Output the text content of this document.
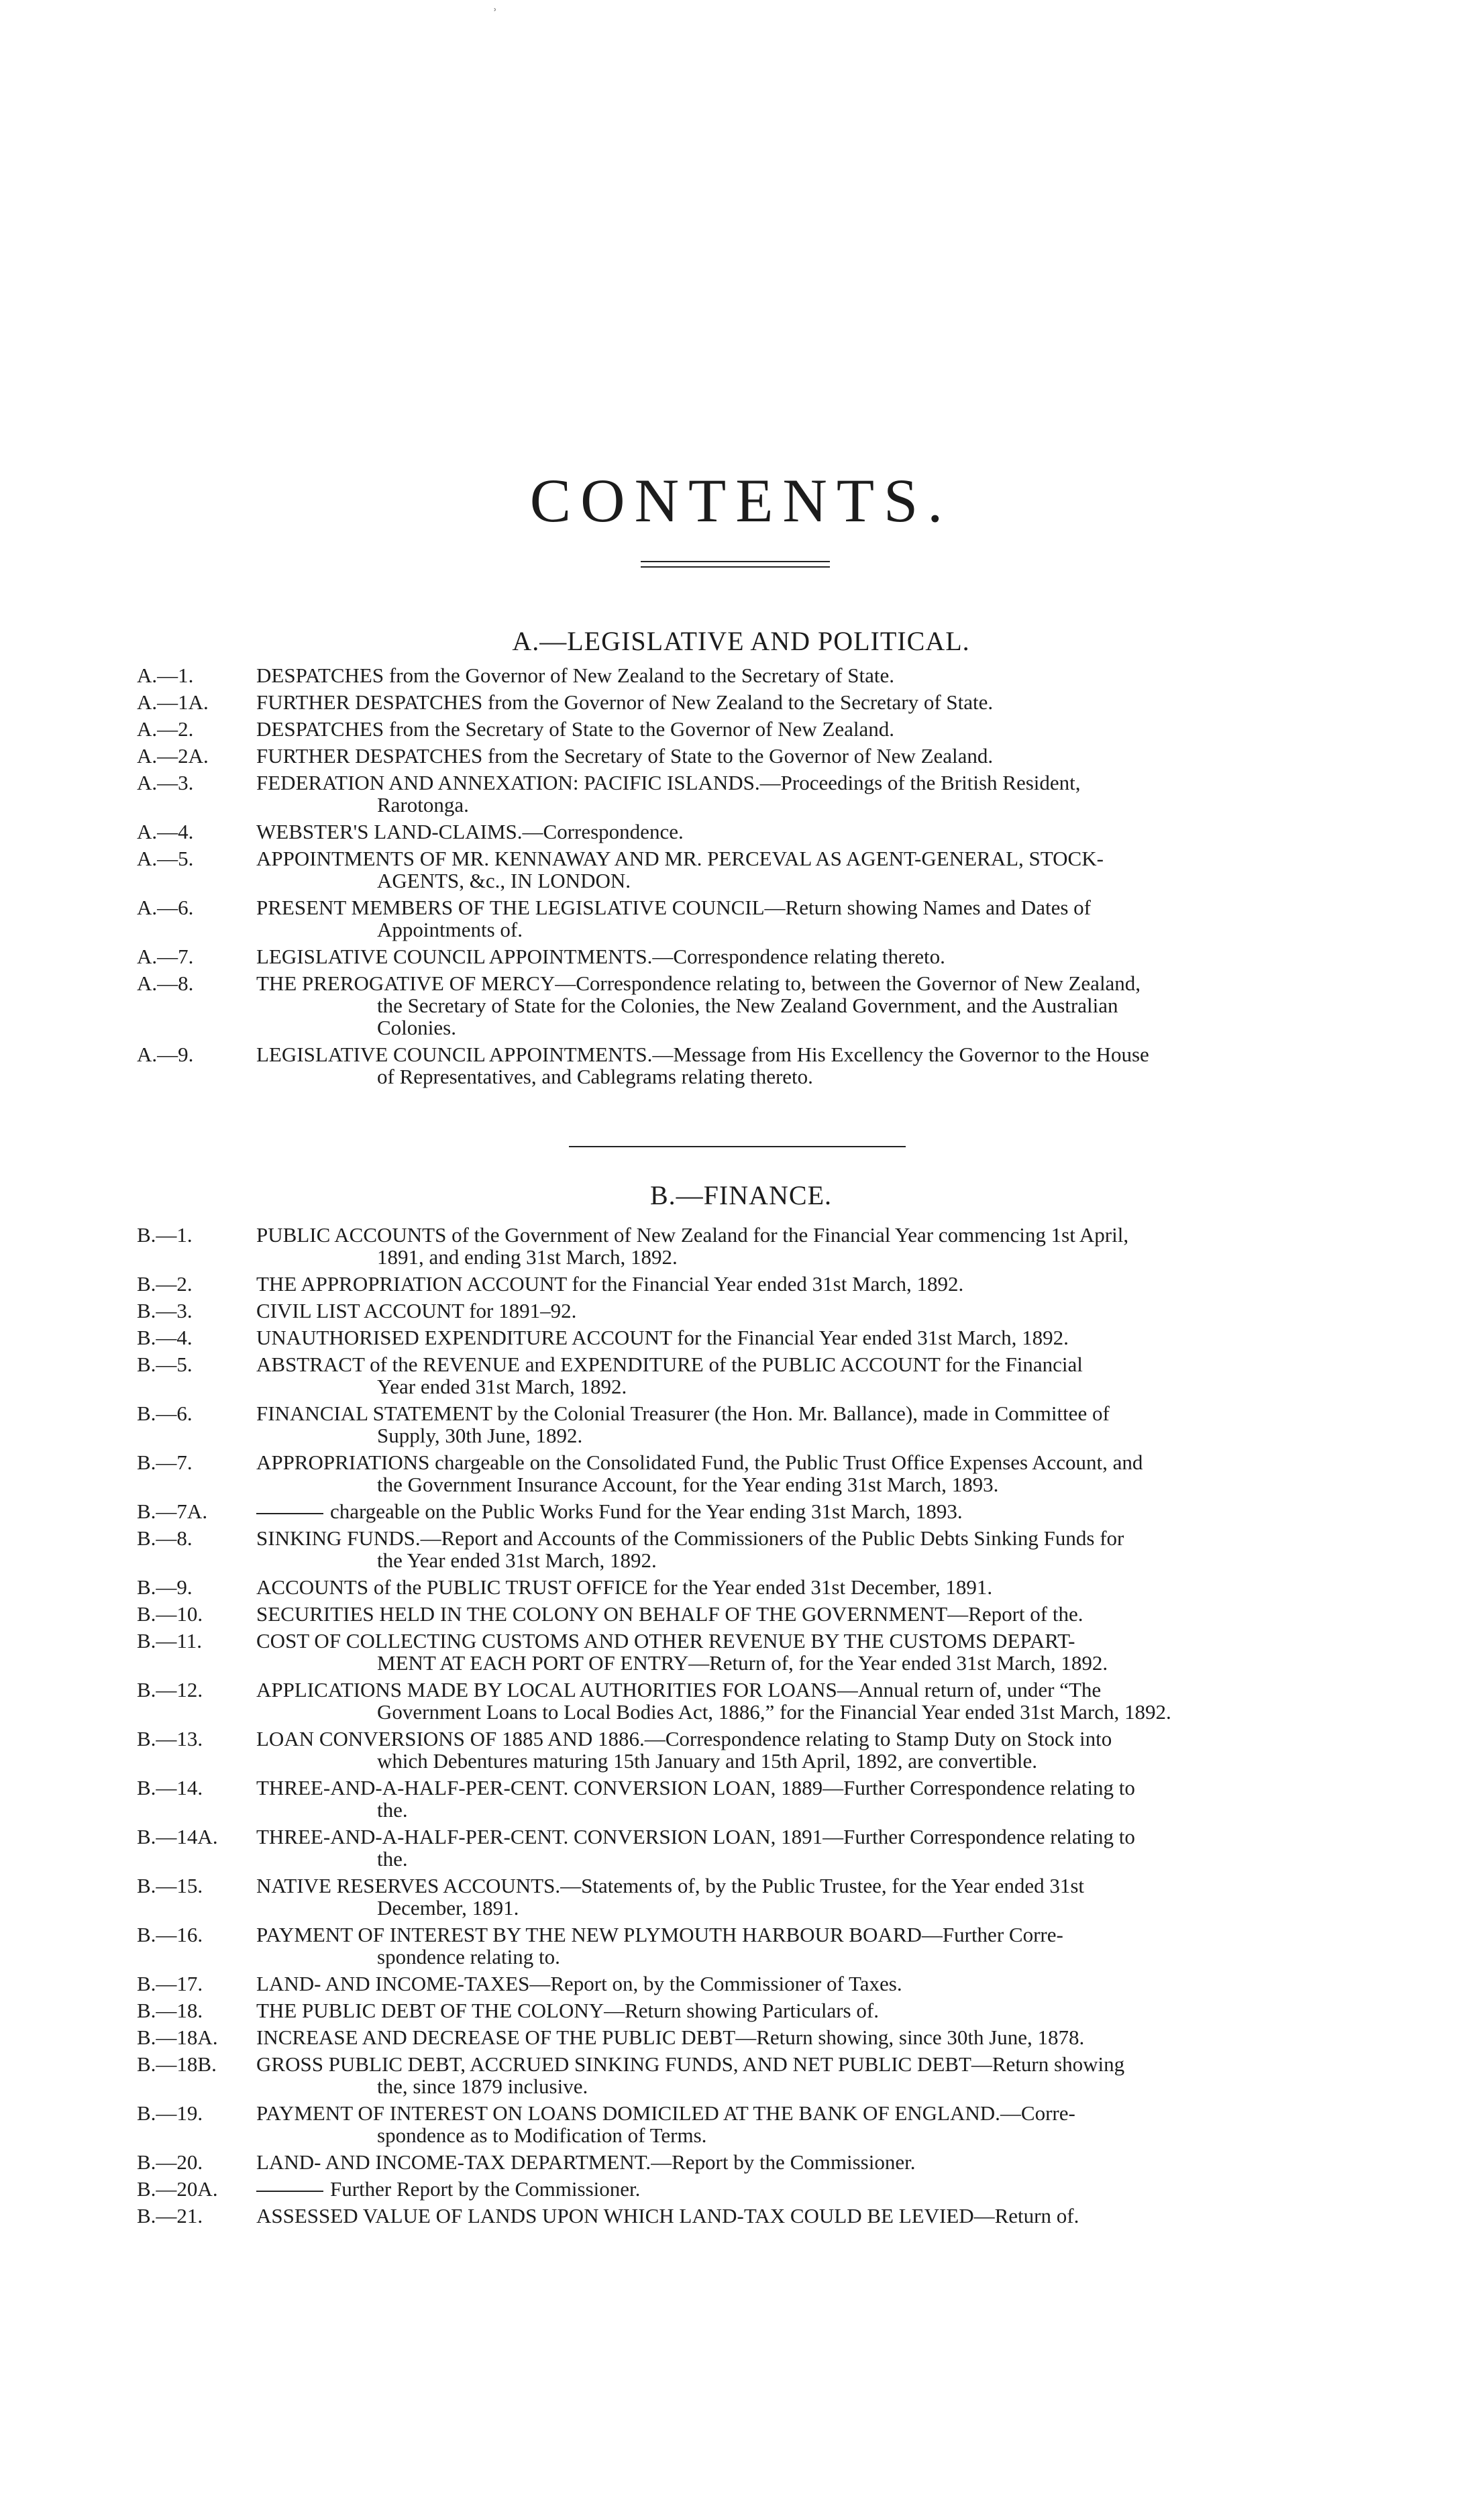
ʾ
CONTENTS.
A.—LEGISLATIVE AND POLITICAL.
A.—1.	DESPATCHES from the Governor of New Zealand to the Secretary of State.
A.—1A.	FURTHER DESPATCHES from the Governor of New Zealand to the Secretary of State.
A.—2.	DESPATCHES from the Secretary of State to the Governor of New Zealand.
A.—2A.	FURTHER DESPATCHES from the Secretary of State to the Governor of New Zealand.
A.—3.	FEDERATION AND ANNEXATION: PACIFIC ISLANDS.—Proceedings of the British Resident,
Rarotonga.
A.—4.	WEBSTER'S LAND-CLAIMS.—Correspondence.
A.—5.	APPOINTMENTS OF MR. KENNAWAY AND MR. PERCEVAL AS AGENT-GENERAL, STOCK-
AGENTS, &c., IN LONDON.
A.—6.	PRESENT MEMBERS OF THE LEGISLATIVE COUNCIL—Return showing Names and Dates of
Appointments of.
A.—7.	LEGISLATIVE COUNCIL APPOINTMENTS.—Correspondence relating thereto.
A.—8.	THE PREROGATIVE OF MERCY—Correspondence relating to, between the Governor of New Zealand,
the Secretary of State for the Colonies, the New Zealand Government, and the Australian
Colonies.
A.—9.	LEGISLATIVE COUNCIL APPOINTMENTS.—Message from His Excellency the Governor to the House
of Representatives, and Cablegrams relating thereto.
B.—FINANCE.
B.—1.	PUBLIC ACCOUNTS of the Government of New Zealand for the Financial Year commencing 1st April,
1891, and ending 31st March, 1892.
B.—2.	THE APPROPRIATION ACCOUNT for the Financial Year ended 31st March, 1892.
B.—3.	CIVIL LIST ACCOUNT for 1891–92.
B.—4.	UNAUTHORISED EXPENDITURE ACCOUNT for the Financial Year ended 31st March, 1892.
B.—5.	ABSTRACT of the REVENUE and EXPENDITURE of the PUBLIC ACCOUNT for the Financial
Year ended 31st March, 1892.
B.—6.	FINANCIAL STATEMENT by the Colonial Treasurer (the Hon. Mr. Ballance), made in Committee of
Supply, 30th June, 1892.
B.—7.	APPROPRIATIONS chargeable on the Consolidated Fund, the Public Trust Office Expenses Account, and
the Government Insurance Account, for the Year ending 31st March, 1893.
B.—7A.	chargeable on the Public Works Fund for the Year ending 31st March, 1893.
B.—8.	SINKING FUNDS.—Report and Accounts of the Commissioners of the Public Debts Sinking Funds for
the Year ended 31st March, 1892.
B.—9.	ACCOUNTS of the PUBLIC TRUST OFFICE for the Year ended 31st December, 1891.
B.—10.	SECURITIES HELD IN THE COLONY ON BEHALF OF THE GOVERNMENT—Report of the.
B.—11.	COST OF COLLECTING CUSTOMS AND OTHER REVENUE BY THE CUSTOMS DEPART-
MENT AT EACH PORT OF ENTRY—Return of, for the Year ended 31st March, 1892.
B.—12.	APPLICATIONS MADE BY LOCAL AUTHORITIES FOR LOANS—Annual return of, under “The
Government Loans to Local Bodies Act, 1886,” for the Financial Year ended 31st March, 1892.
B.—13.	LOAN CONVERSIONS OF 1885 AND 1886.—Correspondence relating to Stamp Duty on Stock into
which Debentures maturing 15th January and 15th April, 1892, are convertible.
B.—14.	THREE-AND-A-HALF-PER-CENT. CONVERSION LOAN, 1889—Further Correspondence relating to
the.
B.—14A.	THREE-AND-A-HALF-PER-CENT. CONVERSION LOAN, 1891—Further Correspondence relating to
the.
B.—15.	NATIVE RESERVES ACCOUNTS.—Statements of, by the Public Trustee, for the Year ended 31st
December, 1891.
B.—16.	PAYMENT OF INTEREST BY THE NEW PLYMOUTH HARBOUR BOARD—Further Corre-
spondence relating to.
B.—17.	LAND- AND INCOME-TAXES—Report on, by the Commissioner of Taxes.
B.—18.	THE PUBLIC DEBT OF THE COLONY—Return showing Particulars of.
B.—18A.	INCREASE AND DECREASE OF THE PUBLIC DEBT—Return showing, since 30th June, 1878.
B.—18B.	GROSS PUBLIC DEBT, ACCRUED SINKING FUNDS, AND NET PUBLIC DEBT—Return showing
the, since 1879 inclusive.
B.—19.	PAYMENT OF INTEREST ON LOANS DOMICILED AT THE BANK OF ENGLAND.—Corre-
spondence as to Modification of Terms.
B.—20.	LAND- AND INCOME-TAX DEPARTMENT.—Report by the Commissioner.
B.—20A.	Further Report by the Commissioner.
B.—21.	ASSESSED VALUE OF LANDS UPON WHICH LAND-TAX COULD BE LEVIED—Return of.
